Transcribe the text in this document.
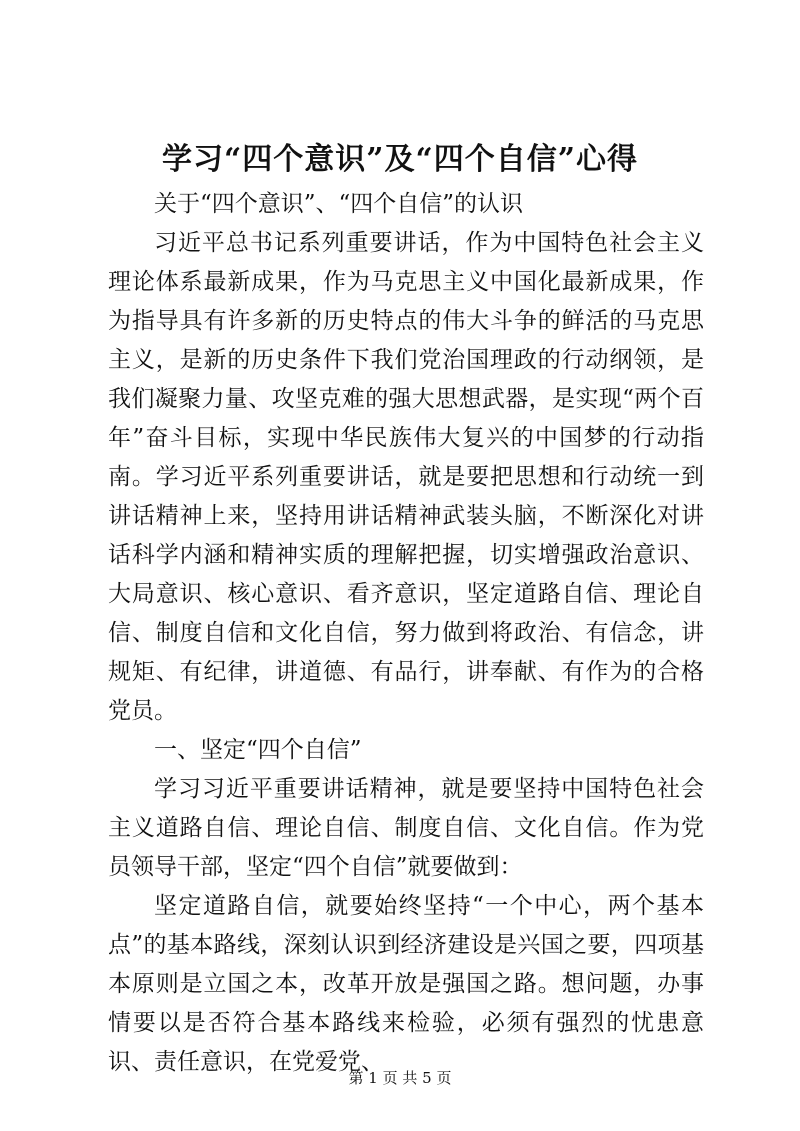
学习“四个意识”及“四个自信”心得

关于“四个意识”、“四个自信”的认识

习近平总书记系列重要讲话，作为中国特色社会主义理论体系最新成果，作为马克思主义中国化最新成果，作为指导具有许多新的历史特点的伟大斗争的鲜活的马克思主义，是新的历史条件下我们党治国理政的行动纲领，是我们凝聚力量、攻坚克难的强大思想武器，是实现“两个百年”奋斗目标，实现中华民族伟大复兴的中国梦的行动指南。学习近平系列重要讲话，就是要把思想和行动统一到讲话精神上来，坚持用讲话精神武装头脑，不断深化对讲话科学内涵和精神实质的理解把握，切实增强政治意识、大局意识、核心意识、看齐意识，坚定道路自信、理论自信、制度自信和文化自信，努力做到将政治、有信念，讲规矩、有纪律，讲道德、有品行，讲奉献、有作为的合格党员。

一、坚定“四个自信”

学习习近平重要讲话精神，就是要坚持中国特色社会主义道路自信、理论自信、制度自信、文化自信。作为党员领导干部，坚定“四个自信”就要做到：

坚定道路自信，就要始终坚持“一个中心，两个基本点”的基本路线，深刻认识到经济建设是兴国之要，四项基本原则是立国之本，改革开放是强国之路。想问题，办事情要以是否符合基本路线来检验，必须有强烈的忧患意识、责任意识，在党爱党、

第 1 页 共 5 页
